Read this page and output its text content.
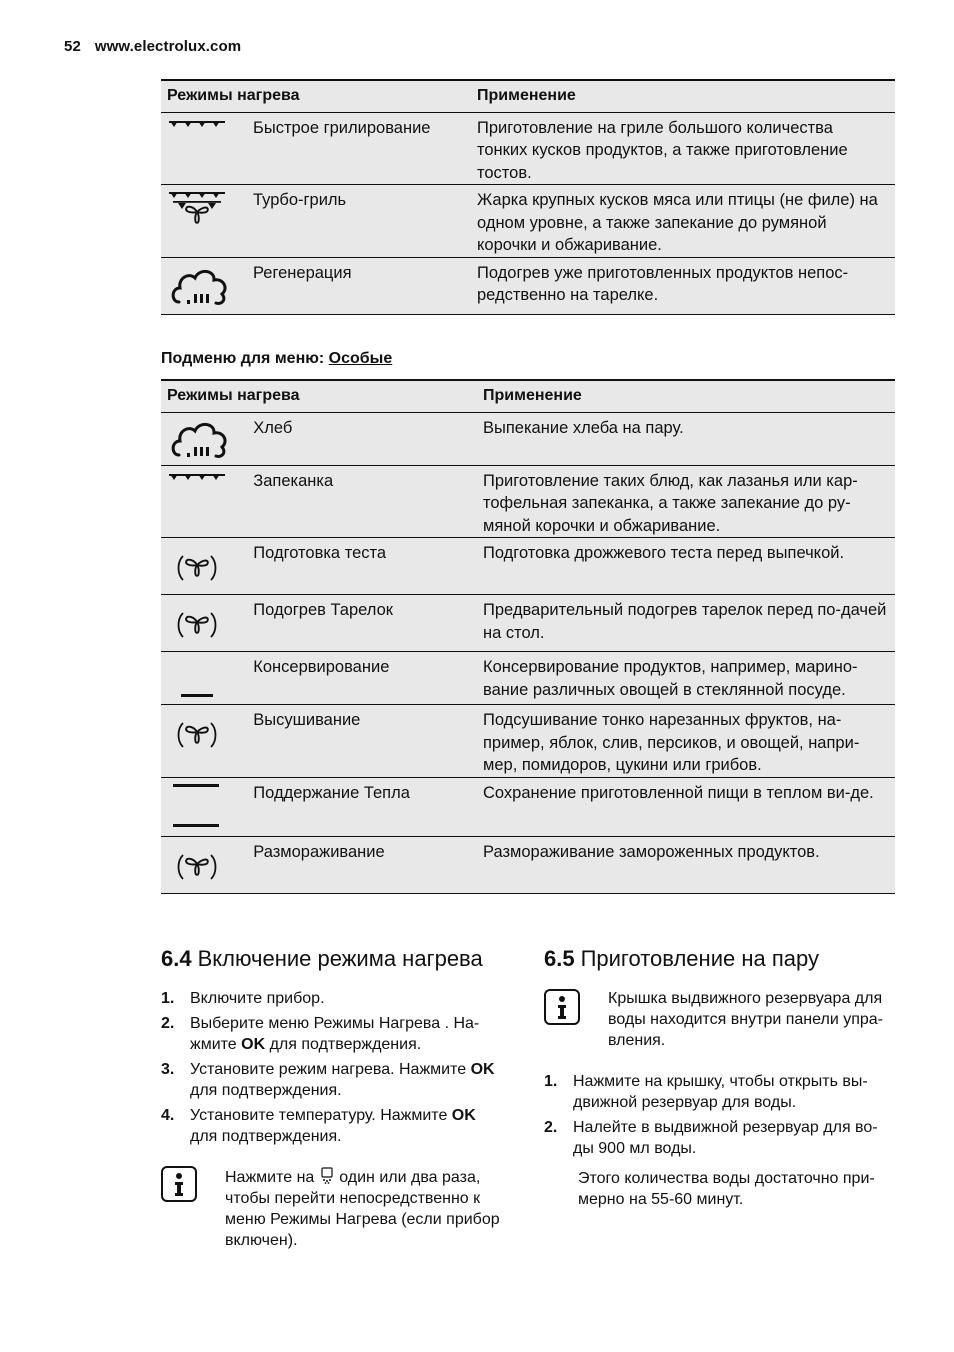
52 www.electrolux.com
Режимы нагрева		Применение

	Быстрое грилирование	Приготовление на гриле большого количества тонких кусков продуктов, а также приготовление тостов.

	Турбо-гриль	Жарка крупных кусков мяса или птицы (не филе) на одном уровне, а также запекание до румяной корочки и обжаривание.

	Регенерация	Подогрев уже приготовленных продуктов непос-редственно на тарелке.
Подменю для меню: Особые
Режимы нагрева		Применение

	Хлеб	Выпекание хлеба на пару.

	Запеканка	Приготовление таких блюд, как лазанья или кар-тофельная запеканка, а также запекание до ру-мяной корочки и обжаривание.

	Подготовка теста	Подготовка дрожжевого теста перед выпечкой.

	Подогрев Тарелок	Предварительный подогрев тарелок перед по-дачей на стол.

	Консервирование	Консервирование продуктов, например, марино-вание различных овощей в стеклянной посуде.

	Высушивание	Подсушивание тонко нарезанных фруктов, на-пример, яблок, слив, персиков, и овощей, напри-мер, помидоров, цукини или грибов.

	Поддержание Тепла	Сохранение приготовленной пищи в теплом ви-де.

	Размораживание	Размораживание замороженных продуктов.
6.4 Включение режима нагрева
1. Включите прибор.
2. Выберите меню Режимы Нагрева . На-жмите OK для подтверждения.
3. Установите режим нагрева. Нажмите OK для подтверждения.
4. Установите температуру. Нажмите OK для подтверждения.
Нажмите на один или два раза, чтобы перейти непосредственно к меню Режимы Нагрева (если прибор включен).
6.5 Приготовление на пару
Крышка выдвижного резервуара для воды находится внутри панели упра-вления.
1. Нажмите на крышку, чтобы открыть вы-движной резервуар для воды.
2. Налейте в выдвижной резервуар для во-ды 900 мл воды.
Этого количества воды достаточно при-мерно на 55-60 минут.
